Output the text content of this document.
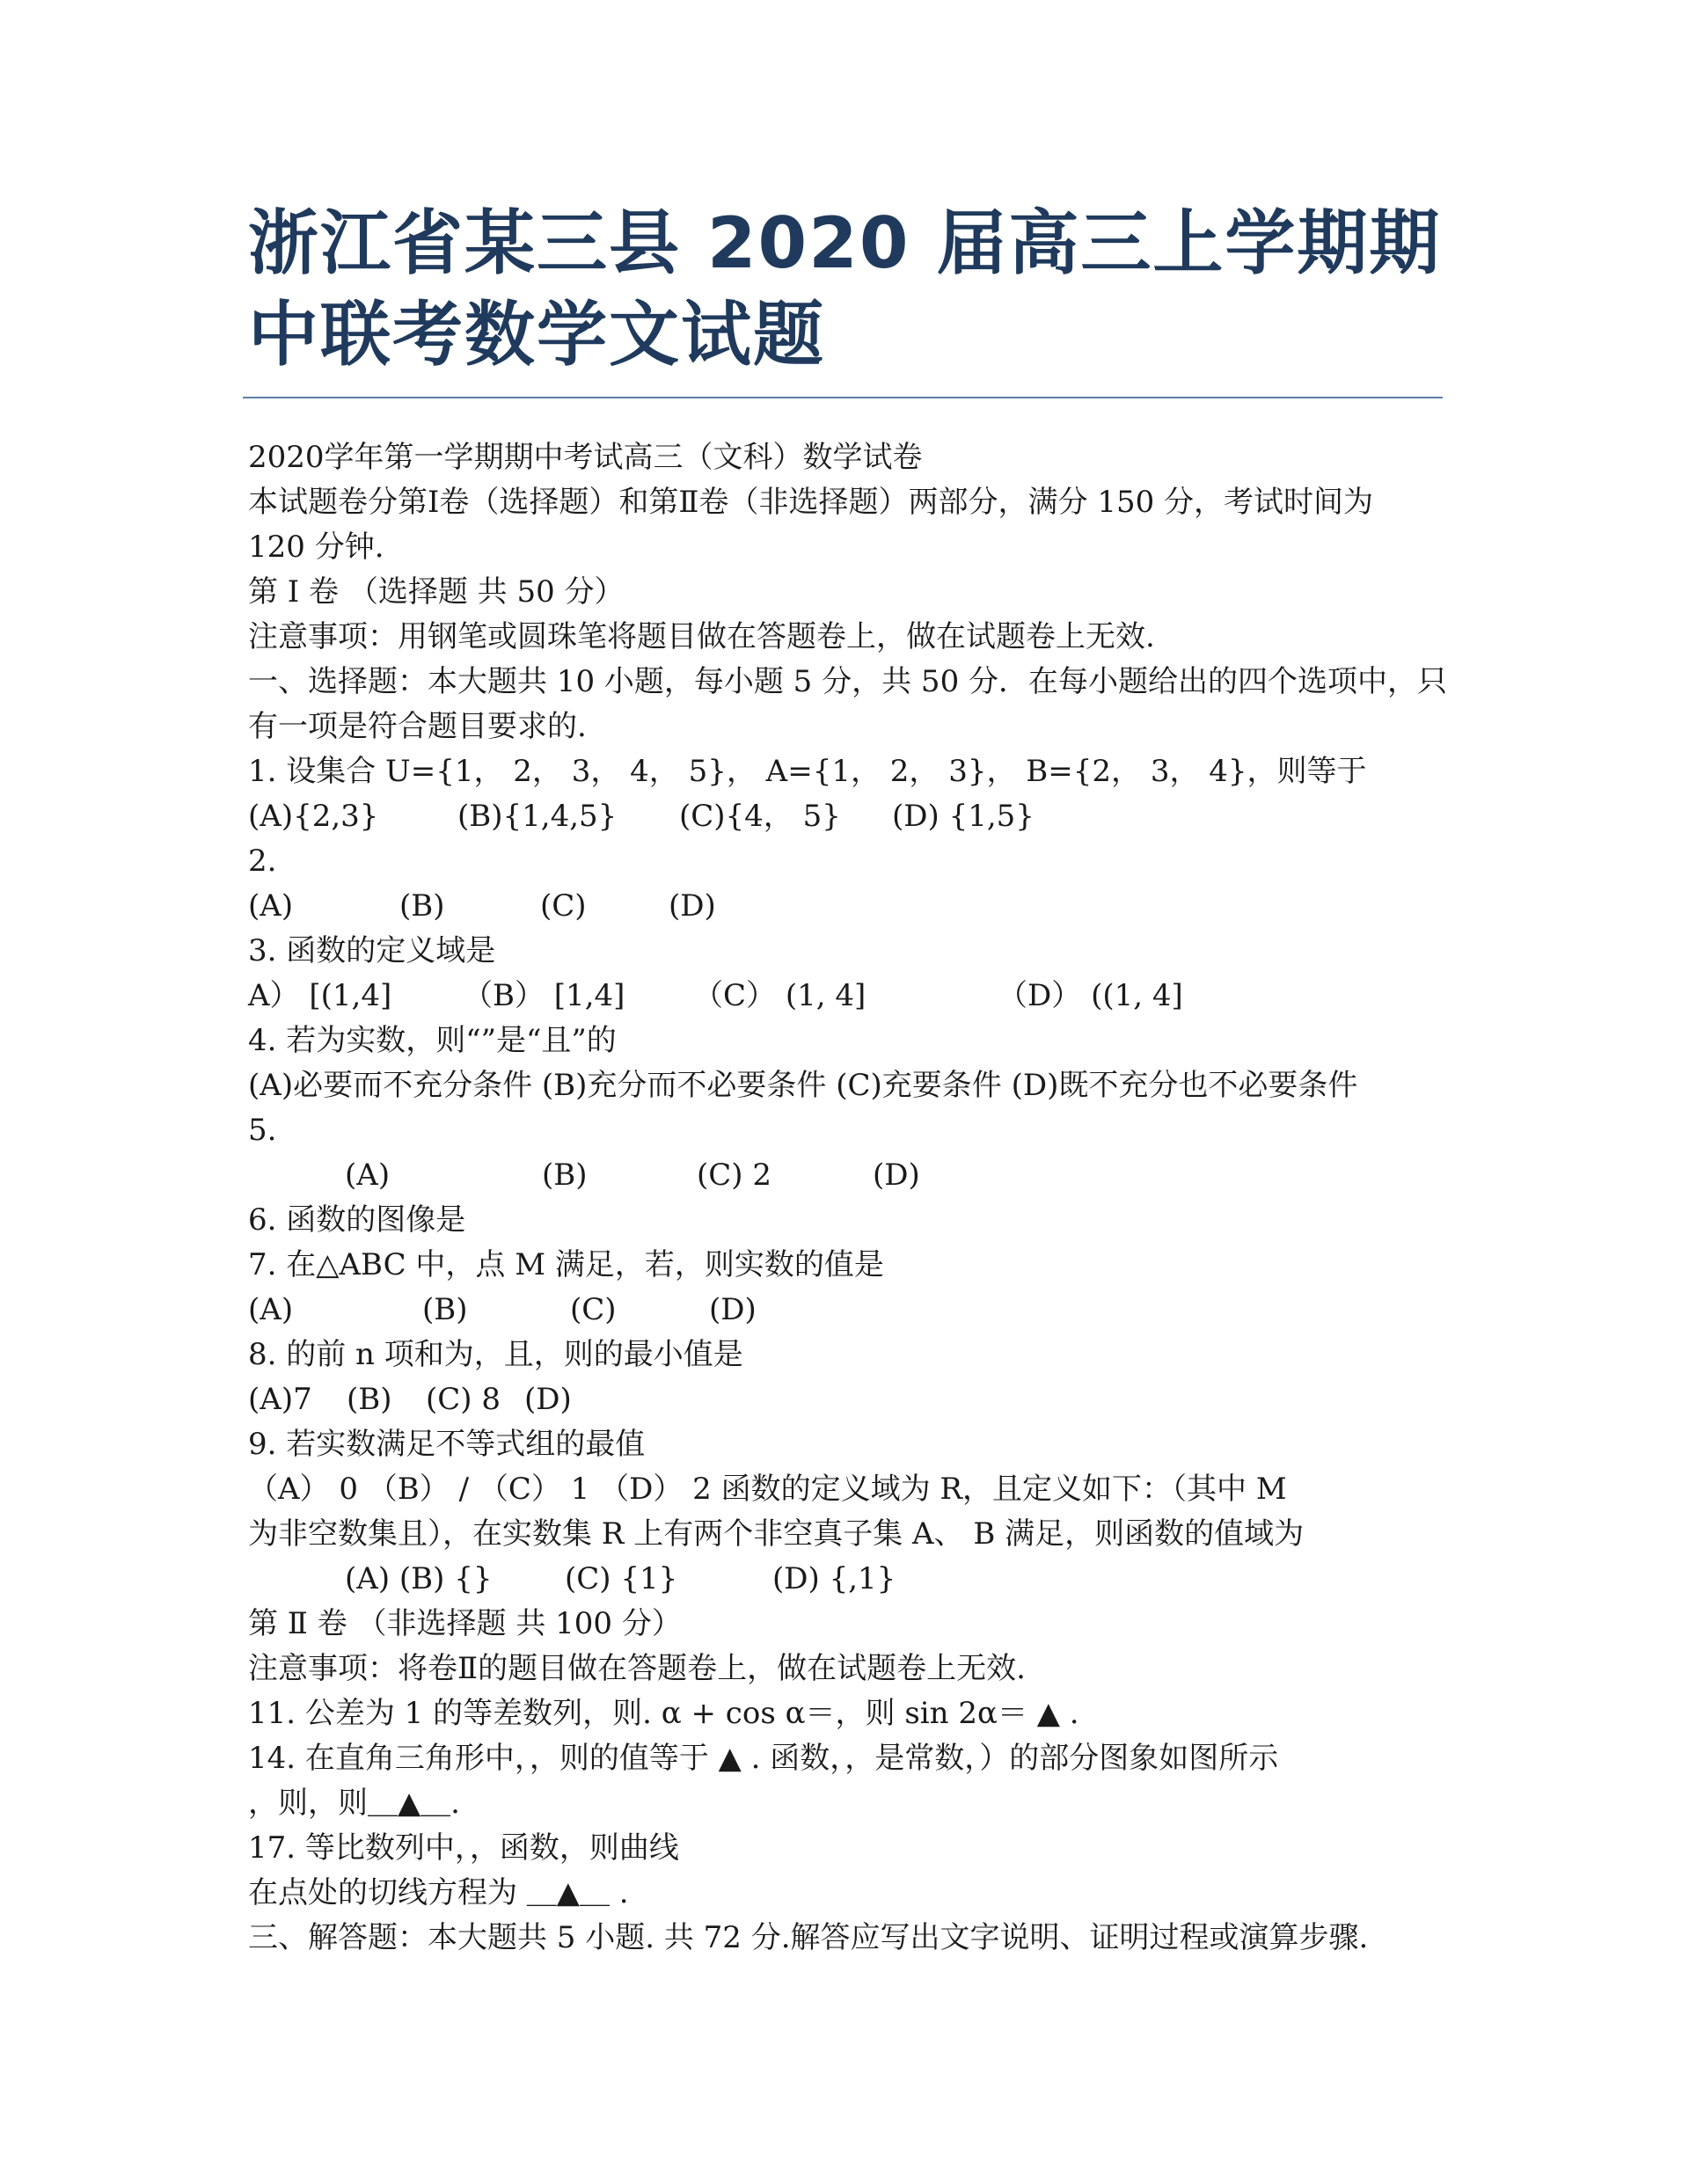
浙江省某三县 2020 届高三上学期期
中联考数学文试题
2020学年第一学期期中考试高三（文科）数学试卷
本试题卷分第Ⅰ卷（选择题）和第Ⅱ卷（非选择题）两部分，满分 150 分，考试时间为
120 分钟.
第 Ⅰ 卷 （选择题 共 50 分）
注意事项：用钢笔或圆珠笔将题目做在答题卷上，做在试题卷上无效.
一、选择题：本大题共 10 小题，每小题 5 分，共 50 分．在每小题给出的四个选项中，只
有一项是符合题目要求的.
1. 设集合 U={1， 2， 3， 4， 5}， A={1， 2， 3}， B={2， 3， 4}，则等于
(A){2,3}	(B){1,4,5}	(C){4， 5}	(D) {1,5}
2.
(A)	(B)	(C)	(D)
3. 函数的定义域是
A） [(1,4]	（B） [1,4]	（C） (1, 4]	（D） ((1, 4]
4. 若为实数，则“”是“且”的
(A)必要而不充分条件 (B)充分而不必要条件 (C)充要条件 (D)既不充分也不必要条件
5.
(A)	(B)	(C) 2	(D)
6. 函数的图像是
7. 在△ABC 中，点 M 满足，若，则实数的值是
(A)	(B)	(C)	(D)
8. 的前 n 项和为，且，则的最小值是
(A)7	(B)	(C) 8 (D)
9. 若实数满足不等式组的最值
（A） 0 （B） / （C） 1 （D） 2 函数的定义域为 R，且定义如下：（其中 M
为非空数集且），在实数集 R 上有两个非空真子集 A、 B 满足，则函数的值域为
(A) (B) {}	(C) {1}	(D) {,1}
第 Ⅱ 卷 （非选择题 共 100 分）
注意事项：将卷Ⅱ的题目做在答题卷上，做在试题卷上无效.
11. 公差为 1 的等差数列，则. α + cos α＝，则 sin 2α＝ ▲ .
14. 在直角三角形中，，则的值等于 ▲ . 函数，，是常数，）的部分图象如图所示
，则，则＿▲＿.
17. 等比数列中，，函数，则曲线
在点处的切线方程为 ＿▲＿ .
三、解答题：本大题共 5 小题. 共 72 分.解答应写出文字说明、证明过程或演算步骤.
